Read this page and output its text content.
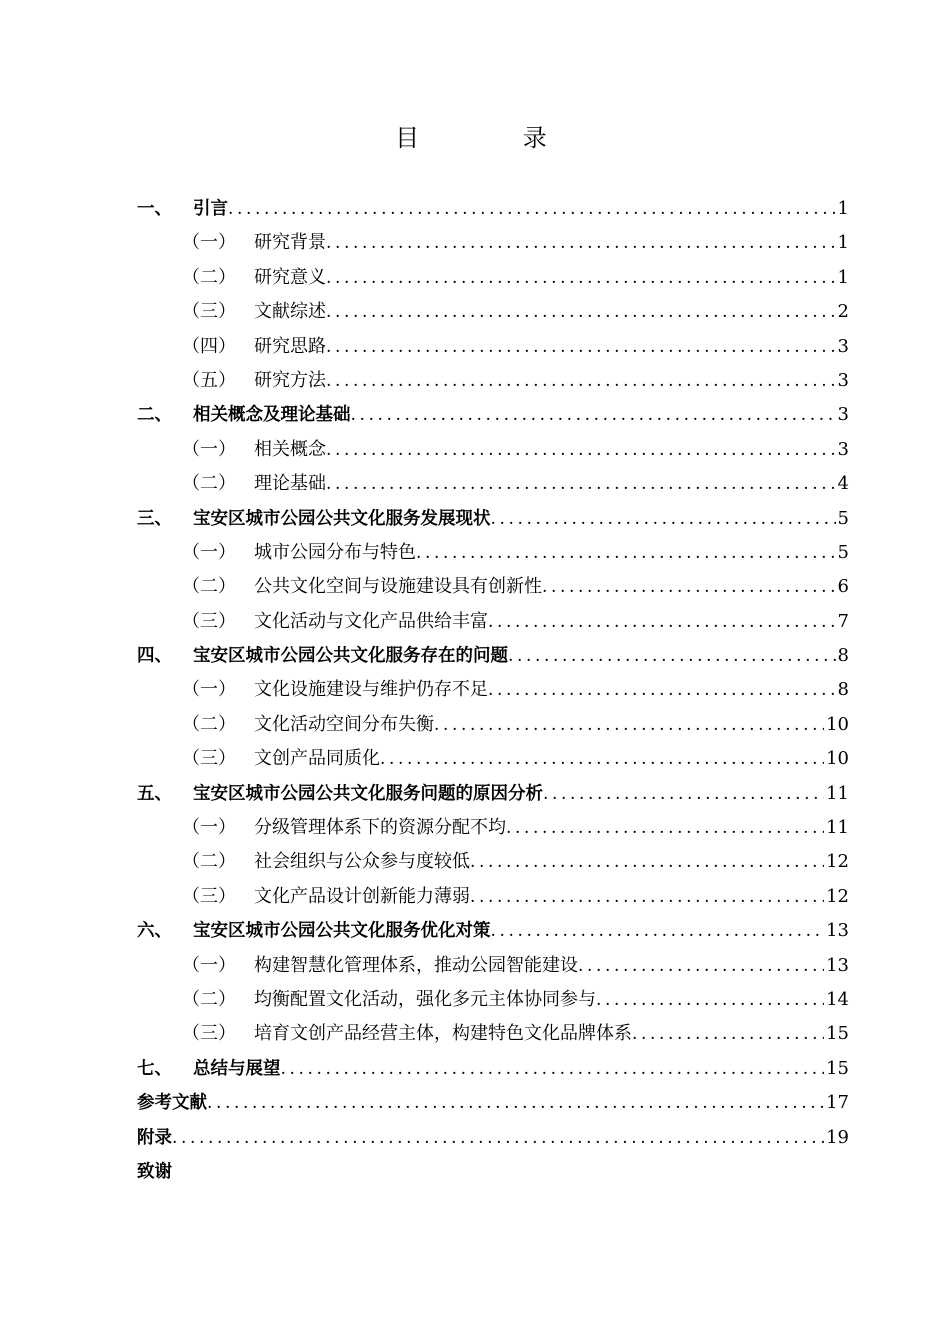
目 录
一、	引言 .....	1
（一）	研究背景 .....	1
（二）	研究意义 .....	1
（三）	文献综述 .....	2
（四）	研究思路 .....	3
（五）	研究方法 .....	3
二、	相关概念及理论基础 .....	3
（一）	相关概念 .....	3
（二）	理论基础 .....	4
三、	宝安区城市公园公共文化服务发展现状 .....	5
（一）	城市公园分布与特色 .....	5
（二）	公共文化空间与设施建设具有创新性 .....	6
（三）	文化活动与文化产品供给丰富 .....	7
四、	宝安区城市公园公共文化服务存在的问题 .....	8
（一）	文化设施建设与维护仍存不足 .....	8
（二）	文化活动空间分布失衡 .....	10
（三）	文创产品同质化 .....	10
五、	宝安区城市公园公共文化服务问题的原因分析 .....	11
（一）	分级管理体系下的资源分配不均 .....	11
（二）	社会组织与公众参与度较低 .....	12
（三）	文化产品设计创新能力薄弱 .....	12
六、	宝安区城市公园公共文化服务优化对策 .....	13
（一）	构建智慧化管理体系，推动公园智能建设 .....	13
（二）	均衡配置文化活动，强化多元主体协同参与 .....	14
（三）	培育文创产品经营主体，构建特色文化品牌体系 .....	15
七、	总结与展望 .....	15
参考文献 .....	17
附录 .....	19
致谢
